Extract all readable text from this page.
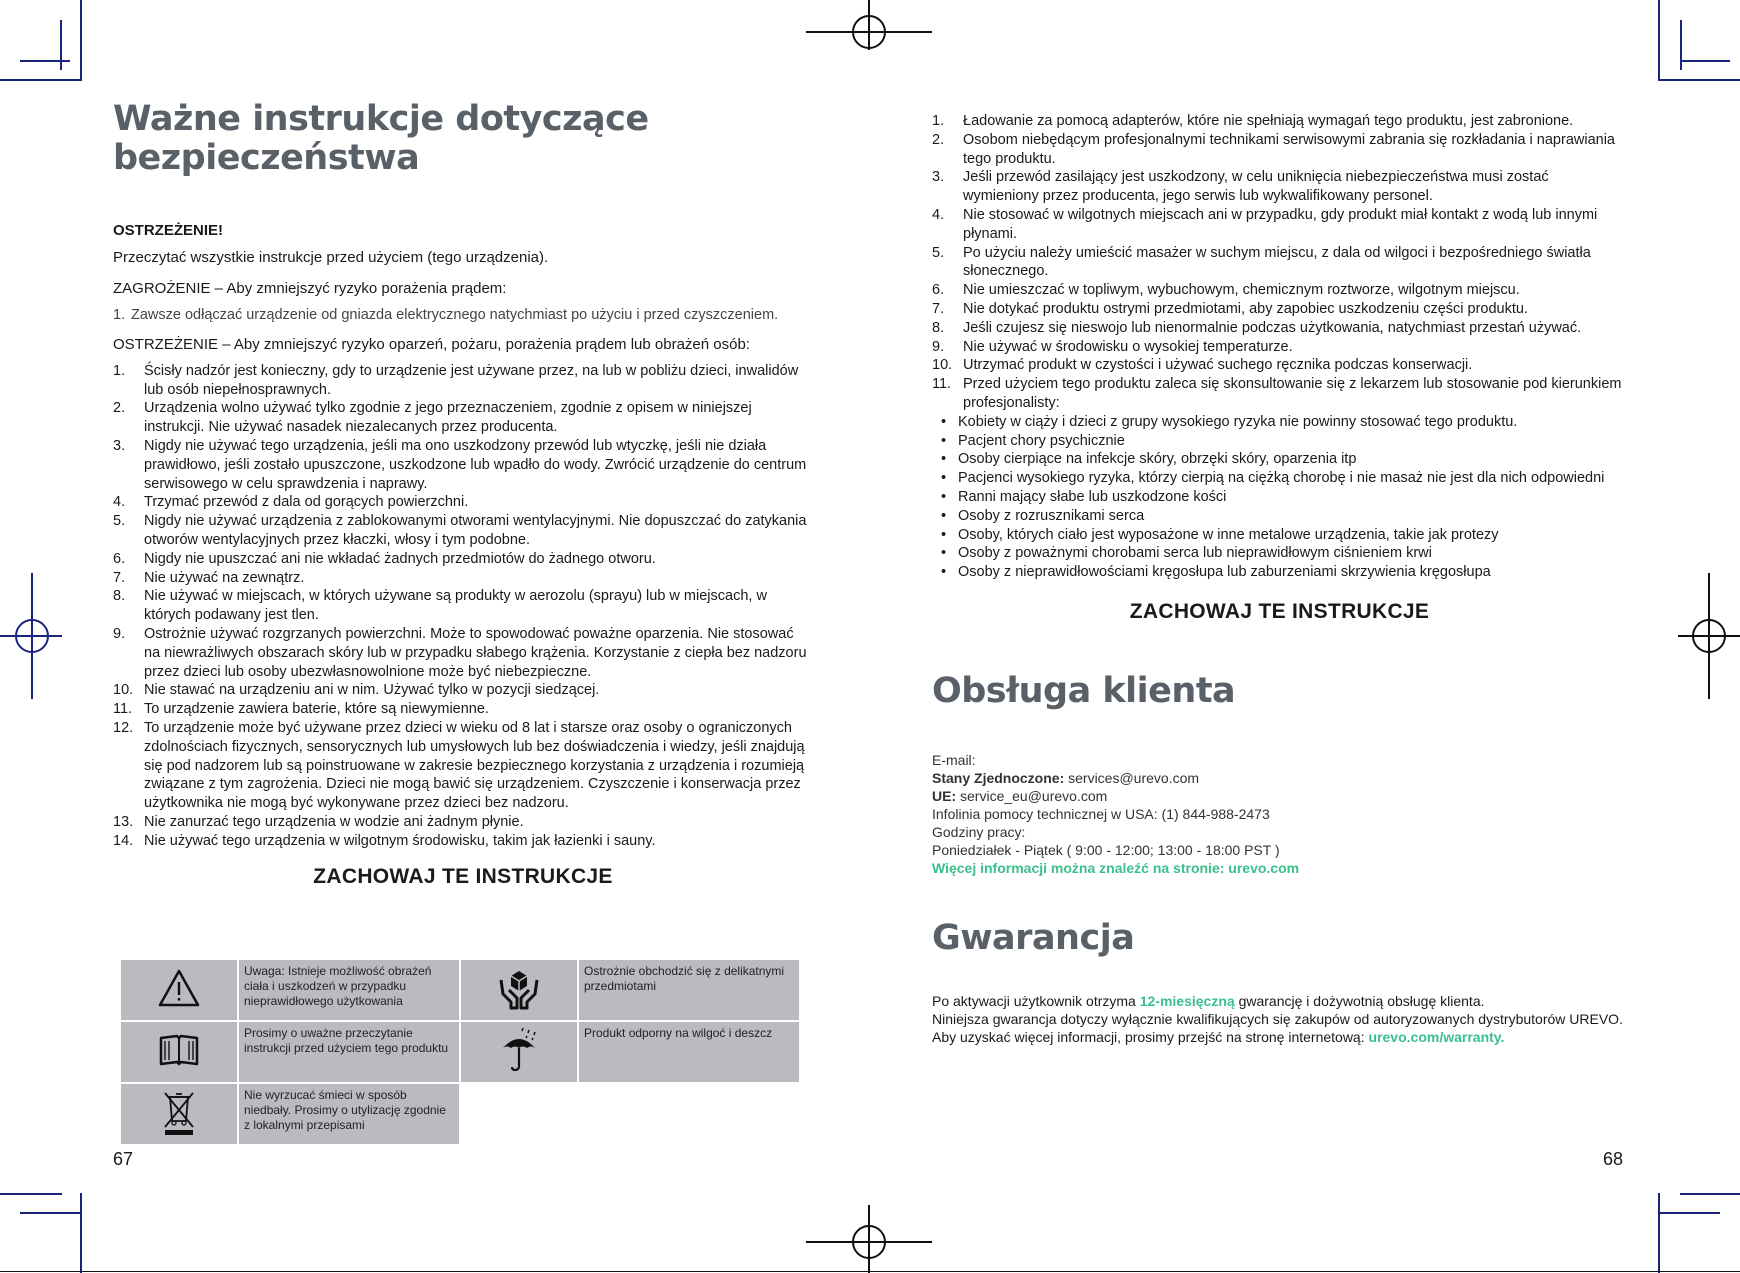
Ważne instrukcje dotyczące
bezpieczeństwa

OSTRZEŻENIE!

Przeczytać wszystkie instrukcje przed użyciem (tego urządzenia).

ZAGROŻENIE – Aby zmniejszyć ryzyko porażenia prądem:

1. Zawsze odłączać urządzenie od gniazda elektrycznego natychmiast po użyciu i przed czyszczeniem.

OSTRZEŻENIE – Aby zmniejszyć ryzyko oparzeń, pożaru, porażenia prądem lub obrażeń osób:

1. Ścisły nadzór jest konieczny, gdy to urządzenie jest używane przez, na lub w pobliżu dzieci, inwalidów lub osób niepełnosprawnych.
2. Urządzenia wolno używać tylko zgodnie z jego przeznaczeniem, zgodnie z opisem w niniejszej instrukcji. Nie używać nasadek niezalecanych przez producenta.
3. Nigdy nie używać tego urządzenia, jeśli ma ono uszkodzony przewód lub wtyczkę, jeśli nie działa prawidłowo, jeśli zostało upuszczone, uszkodzone lub wpadło do wody. Zwrócić urządzenie do centrum serwisowego w celu sprawdzenia i naprawy.
4. Trzymać przewód z dala od gorących powierzchni.
5. Nigdy nie używać urządzenia z zablokowanymi otworami wentylacyjnymi. Nie dopuszczać do zatykania otworów wentylacyjnych przez kłaczki, włosy i tym podobne.
6. Nigdy nie upuszczać ani nie wkładać żadnych przedmiotów do żadnego otworu.
7. Nie używać na zewnątrz.
8. Nie używać w miejscach, w których używane są produkty w aerozolu (sprayu) lub w miejscach, w których podawany jest tlen.
9. Ostrożnie używać rozgrzanych powierzchni. Może to spowodować poważne oparzenia. Nie stosować na niewrażliwych obszarach skóry lub w przypadku słabego krążenia. Korzystanie z ciepła bez nadzoru przez dzieci lub osoby ubezwłasnowolnione może być niebezpieczne.
10. Nie stawać na urządzeniu ani w nim. Używać tylko w pozycji siedzącej.
11. To urządzenie zawiera baterie, które są niewymienne.
12. To urządzenie może być używane przez dzieci w wieku od 8 lat i starsze oraz osoby o ograniczonych zdolnościach fizycznych, sensorycznych lub umysłowych lub bez doświadczenia i wiedzy, jeśli znajdują się pod nadzorem lub są poinstruowane w zakresie bezpiecznego korzystania z urządzenia i rozumieją związane z tym zagrożenia. Dzieci nie mogą bawić się urządzeniem. Czyszczenie i konserwacja przez użytkownika nie mogą być wykonywane przez dzieci bez nadzoru.
13. Nie zanurzać tego urządzenia w wodzie ani żadnym płynie.
14. Nie używać tego urządzenia w wilgotnym środowisku, takim jak łazienki i sauny.
ZACHOWAJ TE INSTRUKCJE
	Uwaga: Istnieje możliwość obrażeń ciała i uszkodzeń w przypadku nieprawidłowego użytkowania		Ostrożnie obchodzić się z delikatnymi przedmiotami
	Prosimy o uważne przeczytanie instrukcji przed użyciem tego produktu		Produkt odporny na wilgoć i deszcz
	Nie wyrzucać śmieci w sposób niedbały. Prosimy o utylizację zgodnie z lokalnymi przepisami		
67
1. Ładowanie za pomocą adapterów, które nie spełniają wymagań tego produktu, jest zabronione.
2. Osobom niebędącym profesjonalnymi technikami serwisowymi zabrania się rozkładania i naprawiania tego produktu.
3. Jeśli przewód zasilający jest uszkodzony, w celu uniknięcia niebezpieczeństwa musi zostać wymieniony przez producenta, jego serwis lub wykwalifikowany personel.
4. Nie stosować w wilgotnych miejscach ani w przypadku, gdy produkt miał kontakt z wodą lub innymi płynami.
5. Po użyciu należy umieścić masażer w suchym miejscu, z dala od wilgoci i bezpośredniego światła słonecznego.
6. Nie umieszczać w topliwym, wybuchowym, chemicznym roztworze, wilgotnym miejscu.
7. Nie dotykać produktu ostrymi przedmiotami, aby zapobiec uszkodzeniu części produktu.
8. Jeśli czujesz się nieswojo lub nienormalnie podczas użytkowania, natychmiast przestań używać.
9. Nie używać w środowisku o wysokiej temperaturze.
10. Utrzymać produkt w czystości i używać suchego ręcznika podczas konserwacji.
11. Przed użyciem tego produktu zaleca się skonsultowanie się z lekarzem lub stosowanie pod kierunkiem profesjonalisty:
• Kobiety w ciąży i dzieci z grupy wysokiego ryzyka nie powinny stosować tego produktu.
• Pacjent chory psychicznie
• Osoby cierpiące na infekcje skóry, obrzęki skóry, oparzenia itp
• Pacjenci wysokiego ryzyka, którzy cierpią na ciężką chorobę i nie masaż nie jest dla nich odpowiedni
• Ranni mający słabe lub uszkodzone kości
• Osoby z rozrusznikami serca
• Osoby, których ciało jest wyposażone w inne metalowe urządzenia, takie jak protezy
• Osoby z poważnymi chorobami serca lub nieprawidłowym ciśnieniem krwi
• Osoby z nieprawidłowościami kręgosłupa lub zaburzeniami skrzywienia kręgosłupa
ZACHOWAJ TE INSTRUKCJE
Obsługa klienta
E-mail:
Stany Zjednoczone: services@urevo.com
UE: service_eu@urevo.com
Infolinia pomocy technicznej w USA: (1) 844-988-2473
Godziny pracy:
Poniedziałek - Piątek ( 9:00 - 12:00; 13:00 - 18:00 PST )
Więcej informacji można znaleźć na stronie: urevo.com
Gwarancja
Po aktywacji użytkownik otrzyma 12-miesięczną gwarancję i dożywotnią obsługę klienta.
Niniejsza gwarancja dotyczy wyłącznie kwalifikujących się zakupów od autoryzowanych dystrybutorów UREVO.
Aby uzyskać więcej informacji, prosimy przejść na stronę internetową: urevo.com/warranty.
68
